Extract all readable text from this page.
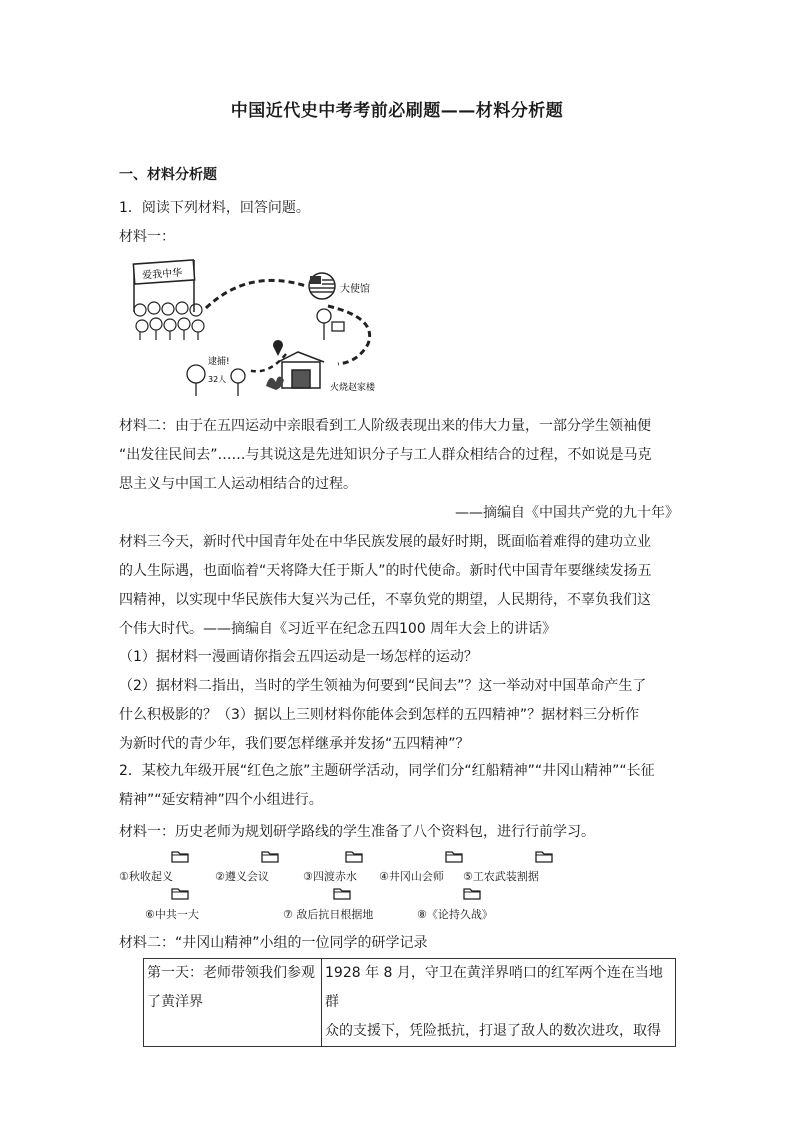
中国近代史中考考前必刷题——材料分析题
一、材料分析题
1．阅读下列材料，回答问题。
材料一：
爱我中华
大使馆
火烧赵家楼
逮捕!
32人
材料二：由于在五四运动中亲眼看到工人阶级表现出来的伟大力量，一部分学生领袖便
“出发往民间去”……与其说这是先进知识分子与工人群众相结合的过程，不如说是马克
思主义与中国工人运动相结合的过程。
——摘编自《中国共产党的九十年》
材料三今天，新时代中国青年处在中华民族发展的最好时期，既面临着难得的建功立业
的人生际遇，也面临着“天将降大任于斯人”的时代使命。新时代中国青年要继续发扬五
四精神，以实现中华民族伟大复兴为己任，不辜负党的期望，人民期待，不辜负我们这
个伟大时代。——摘编自《习近平在纪念五四100 周年大会上的讲话》
（1）据材料一漫画请你指会五四运动是一场怎样的运动？
（2）据材料二指出，当时的学生领袖为何要到“民间去”？这一举动对中国革命产生了
什么积极影的？（3）据以上三则材料你能体会到怎样的五四精神”？据材料三分析作
为新时代的青少年，我们要怎样继承并发扬“五四精神”？
2．某校九年级开展“红色之旅”主题研学活动，同学们分“红船精神”“井冈山精神”“长征
精神”“延安精神”四个小组进行。
材料一：历史老师为规划研学路线的学生准备了八个资料包，进行行前学习。
①秋收起义	②遵义会议	③四渡赤水 ④井冈山会师 ⑤工农武装割据
⑥中共一大	⑦ 敌后抗日根据地	⑧《论持久战》
材料二：“井冈山精神”小组的一位同学的研学记录
第一天：老师带领我们参观
了黄洋界

1928 年 8 月，守卫在黄洋界哨口的红军两个连在当地群
众的支援下，凭险抵抗，打退了敌人的数次进攻，取得
